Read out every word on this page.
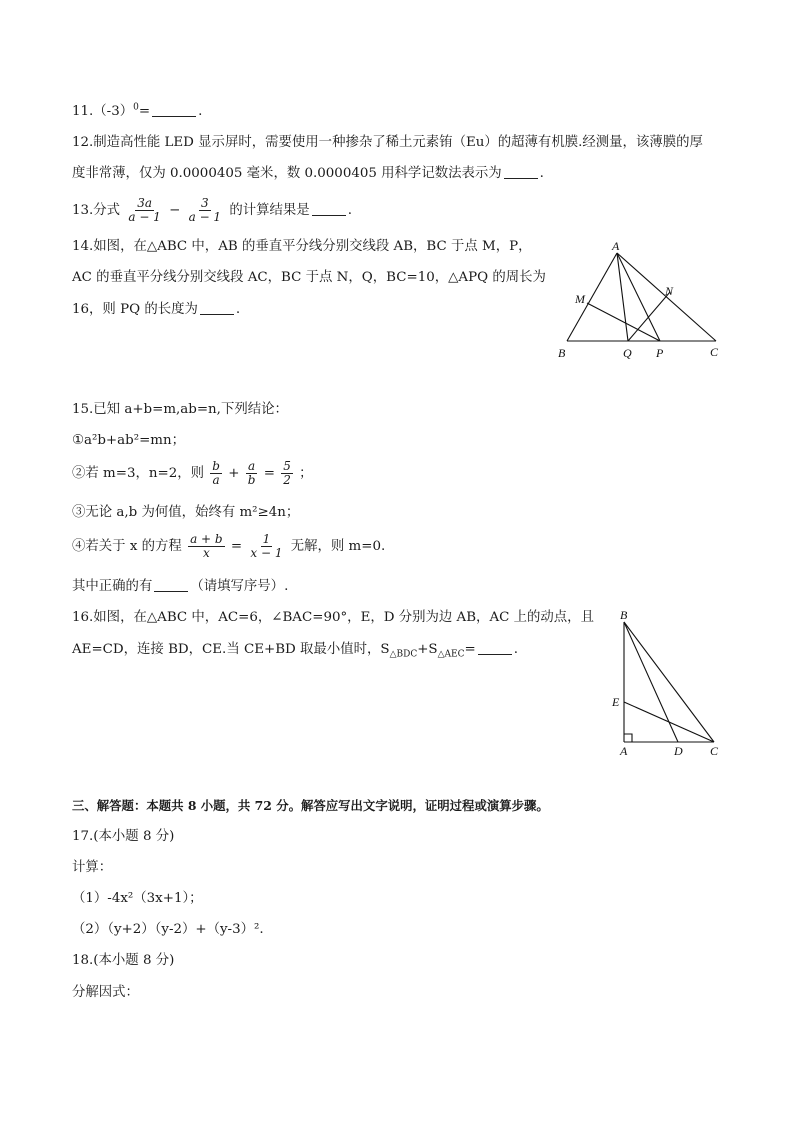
$11.(-3)^0=$	.
12.制造高性能 LED 显示屏时，需要使用一种掺杂了稀土元素铕（Eu）的超薄有机膜.经测量，该薄膜的厚
度非常薄，仅为 0.0000405 毫米，数 0.0000405 用科学记数法表示为	.
13.分式 $\frac{3a}{a - 1} - \frac{3}{a - 1}$ 的计算结果是	.
14.如图，在△ABC 中，AB 的垂直平分线分别交线段 AB，BC 于点 M，P，
AC 的垂直平分线分别交线段 AC，BC 于点 N，Q，BC=10，△APQ 的周长为
16，则 PQ 的长度为	.
A
B	C
M
N
P
Q
15.已知 a+b=m,ab=n,下列结论：
①a²b+ab²=mn；
②若 m=3，n=2，则 $\frac{b}{a} + \frac{a}{b} = \frac{5}{2}$ ；
③无论 a,b 为何值，始终有 m²≥4n；
④若关于 x 的方程 $\frac{a + b}{x} = \frac{1}{x - 1}$ 无解，则 m=0.
其中正确的有	（请填写序号）.
16.如图，在△ABC 中，AC=6，∠BAC=90°，E，D 分别为边 AB，AC 上的动点，且
AE=CD，连接 BD，CE.当 CE+BD 取最小值时，$S_{\triangle BDC}+S_{\triangle AEC}=$	.
B
E
A	D C
三、解答题：本题共 8 小题，共 72 分。解答应写出文字说明，证明过程或演算步骤。
17.(本小题 8 分)
计算：
（1）-4x²（3x+1）；
（2）（y+2）（y-2）+（y-3）².
18.(本小题 8 分)
分解因式：
